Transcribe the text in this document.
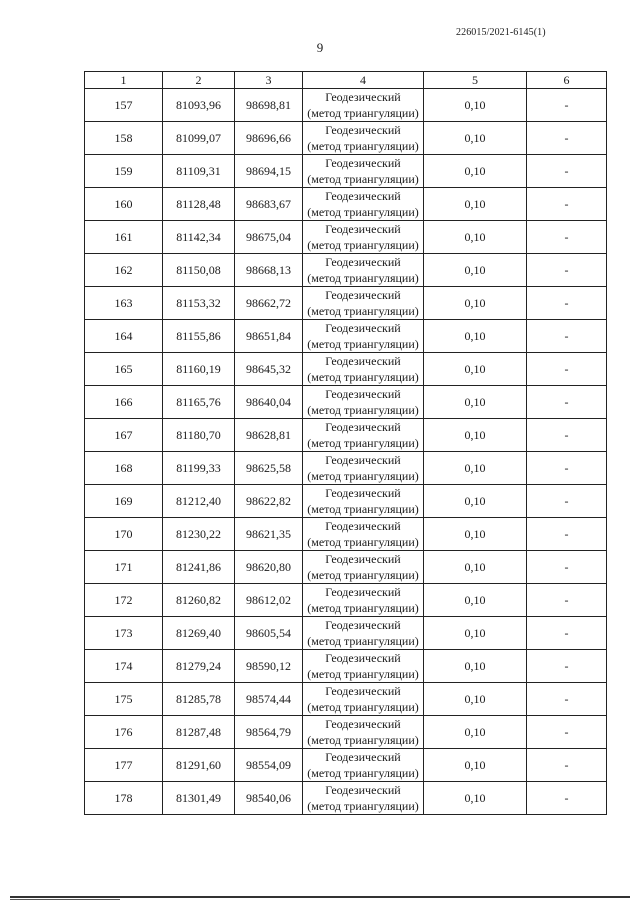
226015/2021-6145(1)
9
1	2	3	4	5	6
157	81093,96	98698,81	Геодезический
(метод триангуляции)	0,10	-
158	81099,07	98696,66	Геодезический
(метод триангуляции)	0,10	-
159	81109,31	98694,15	Геодезический
(метод триангуляции)	0,10	-
160	81128,48	98683,67	Геодезический
(метод триангуляции)	0,10	-
161	81142,34	98675,04	Геодезический
(метод триангуляции)	0,10	-
162	81150,08	98668,13	Геодезический
(метод триангуляции)	0,10	-
163	81153,32	98662,72	Геодезический
(метод триангуляции)	0,10	-
164	81155,86	98651,84	Геодезический
(метод триангуляции)	0,10	-
165	81160,19	98645,32	Геодезический
(метод триангуляции)	0,10	-
166	81165,76	98640,04	Геодезический
(метод триангуляции)	0,10	-
167	81180,70	98628,81	Геодезический
(метод триангуляции)	0,10	-
168	81199,33	98625,58	Геодезический
(метод триангуляции)	0,10	-
169	81212,40	98622,82	Геодезический
(метод триангуляции)	0,10	-
170	81230,22	98621,35	Геодезический
(метод триангуляции)	0,10	-
171	81241,86	98620,80	Геодезический
(метод триангуляции)	0,10	-
172	81260,82	98612,02	Геодезический
(метод триангуляции)	0,10	-
173	81269,40	98605,54	Геодезический
(метод триангуляции)	0,10	-
174	81279,24	98590,12	Геодезический
(метод триангуляции)	0,10	-
175	81285,78	98574,44	Геодезический
(метод триангуляции)	0,10	-
176	81287,48	98564,79	Геодезический
(метод триангуляции)	0,10	-
177	81291,60	98554,09	Геодезический
(метод триангуляции)	0,10	-
178	81301,49	98540,06	Геодезический
(метод триангуляции)	0,10	-
